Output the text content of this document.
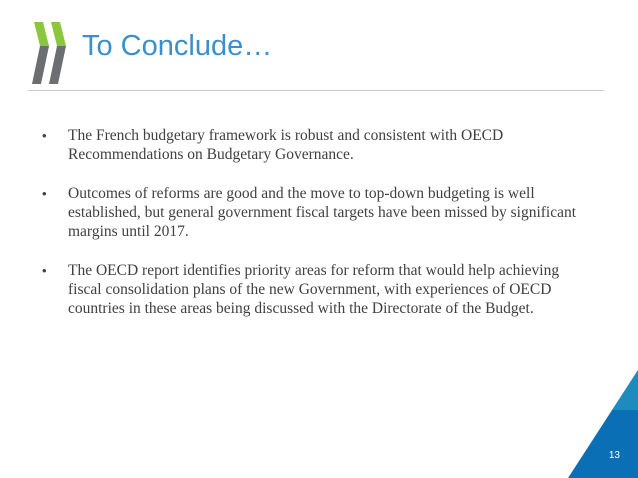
To Conclude…
•	The French budgetary framework is robust and consistent with OECD Recommendations on Budgetary Governance.
•	Outcomes of reforms are good and the move to top-down budgeting is well established, but general government fiscal targets have been missed by significant margins until 2017.
•	The OECD report identifies priority areas for reform that would help achieving fiscal consolidation plans of the new Government, with experiences of OECD countries in these areas being discussed with the Directorate of the Budget.
13
